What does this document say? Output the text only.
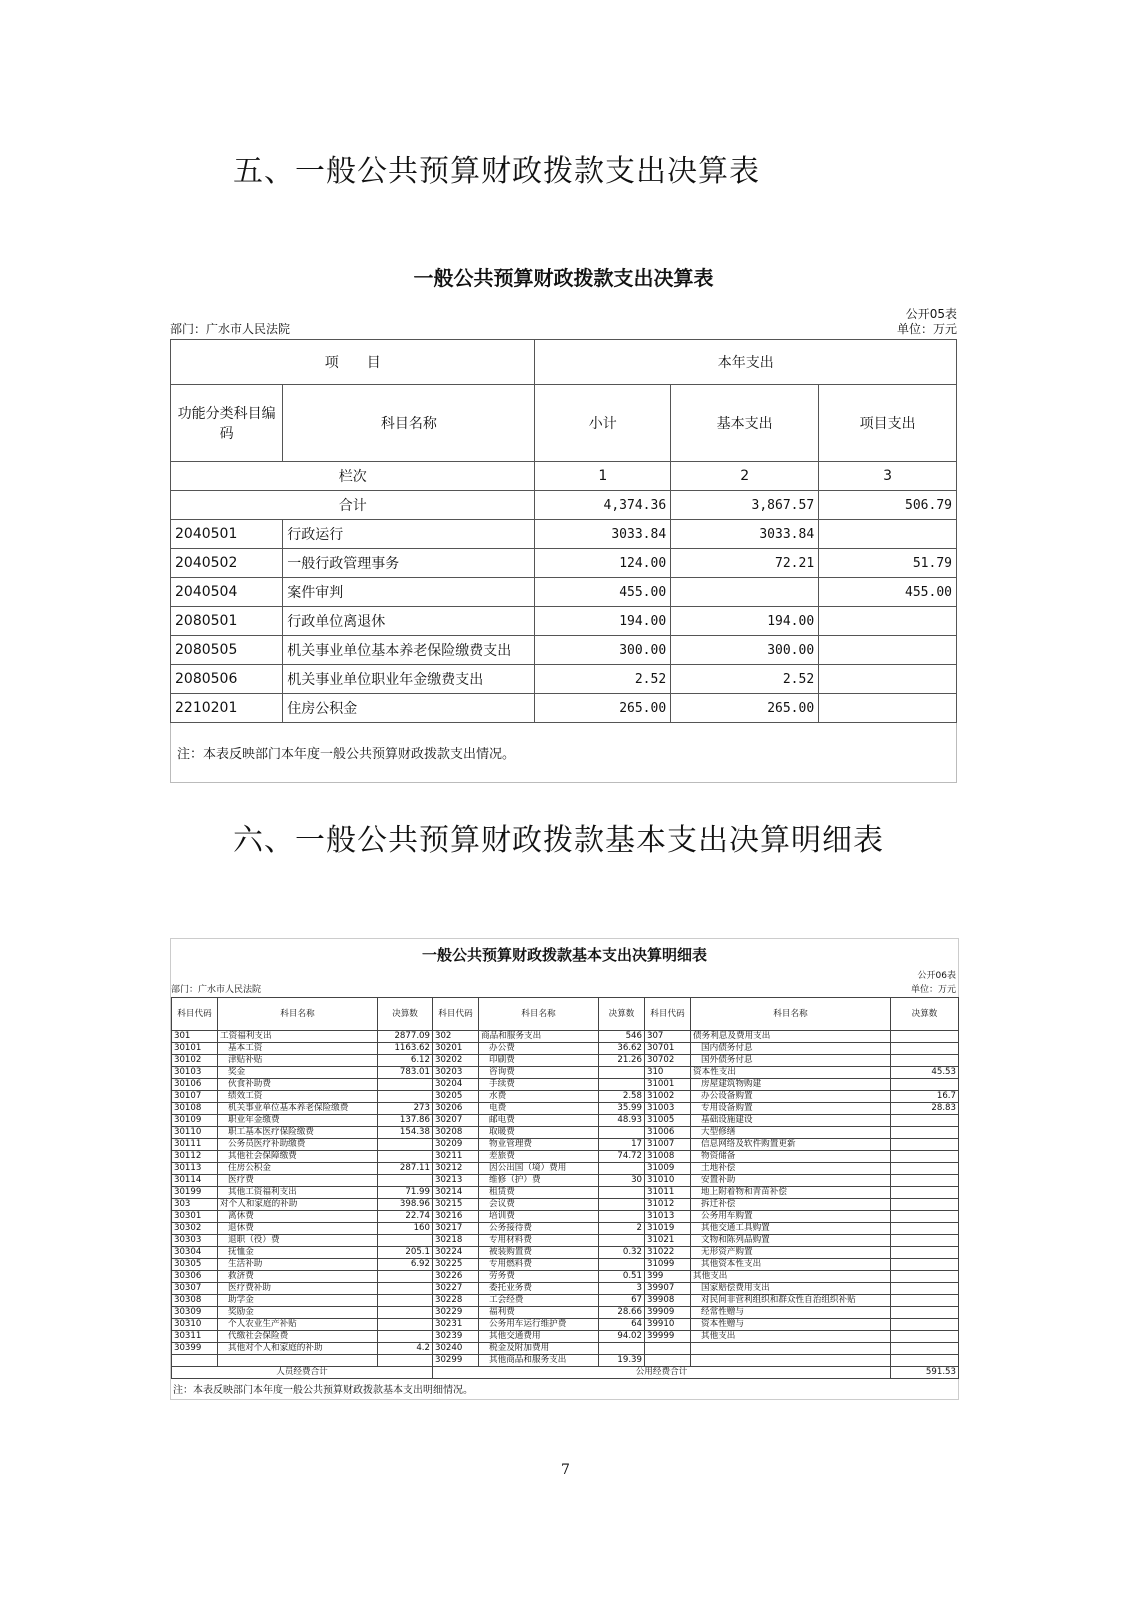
五、一般公共预算财政拨款支出决算表
一般公共预算财政拨款支出决算表
部门：广水市人民法院
公开05表
单位：万元
项　　目		本年支出		
功能分类科目编码	科目名称	小计	基本支出	项目支出
栏次		1	2	3
合计		4,374.36	3,867.57	506.79
2040501	行政运行	3033.84	3033.84	
2040502	一般行政管理事务	124.00	72.21	51.79
2040504	案件审判	455.00		455.00
2080501	行政单位离退休	194.00	194.00	
2080505	机关事业单位基本养老保险缴费支出	300.00	300.00	
2080506	机关事业单位职业年金缴费支出	2.52	2.52	
2210201	住房公积金	265.00	265.00	
注：本表反映部门本年度一般公共预算财政拨款支出情况。
六、一般公共预算财政拨款基本支出决算明细表
一般公共预算财政拨款基本支出决算明细表
部门：广水市人民法院
公开06表
单位：万元
科目代码	科目名称	决算数	科目代码	科目名称	决算数	科目代码	科目名称	决算数
301	工资福利支出	2877.09	302	商品和服务支出	546	307	债务利息及费用支出	
30101	基本工资	1163.62	30201	办公费	36.62	30701	国内债务付息	
30102	津贴补贴	6.12	30202	印刷费	21.26	30702	国外债务付息	
30103	奖金	783.01	30203	咨询费		310	资本性支出	45.53
30106	伙食补助费		30204	手续费		31001	房屋建筑物购建	
30107	绩效工资		30205	水费	2.58	31002	办公设备购置	16.7
30108	机关事业单位基本养老保险缴费	273	30206	电费	35.99	31003	专用设备购置	28.83
30109	职业年金缴费	137.86	30207	邮电费	48.93	31005	基础设施建设	
30110	职工基本医疗保险缴费	154.38	30208	取暖费		31006	大型修缮	
30111	公务员医疗补助缴费		30209	物业管理费	17	31007	信息网络及软件购置更新	
30112	其他社会保障缴费		30211	差旅费	74.72	31008	物资储备	
30113	住房公积金	287.11	30212	因公出国（境）费用		31009	土地补偿	
30114	医疗费		30213	维修（护）费	30	31010	安置补助	
30199	其他工资福利支出	71.99	30214	租赁费		31011	地上附着物和青苗补偿	
303	对个人和家庭的补助	398.96	30215	会议费		31012	拆迁补偿	
30301	离休费	22.74	30216	培训费		31013	公务用车购置	
30302	退休费	160	30217	公务接待费	2	31019	其他交通工具购置	
30303	退职（役）费		30218	专用材料费		31021	文物和陈列品购置	
30304	抚恤金	205.1	30224	被装购置费	0.32	31022	无形资产购置	
30305	生活补助	6.92	30225	专用燃料费		31099	其他资本性支出	
30306	救济费		30226	劳务费	0.51	399	其他支出	
30307	医疗费补助		30227	委托业务费	3	39907	国家赔偿费用支出	
30308	助学金		30228	工会经费	67	39908	对民间非营利组织和群众性自治组织补贴	
30309	奖励金		30229	福利费	28.66	39909	经常性赠与	
30310	个人农业生产补贴		30231	公务用车运行维护费	64	39910	资本性赠与	
30311	代缴社会保险费		30239	其他交通费用	94.02	39999	其他支出	
30399	其他对个人和家庭的补助	4.2	30240	税金及附加费用				
			30299	其他商品和服务支出	19.39			
人员经费合计			公用经费合计					591.53
注：本表反映部门本年度一般公共预算财政拨款基本支出明细情况。
7
